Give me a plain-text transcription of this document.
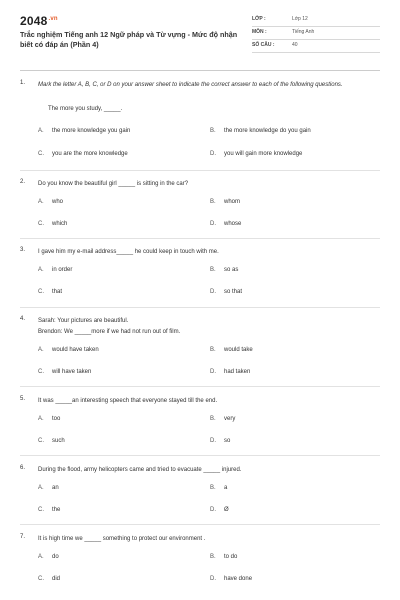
$2048^{.vn}$
Trắc nghiệm Tiếng anh 12 Ngữ pháp và Từ vựng - Mức độ nhận biết có đáp án (Phần 4)
LỚP :	Lớp 12
MÔN :	Tiếng Anh
SỐ CÂU :	40
1.	Mark the letter A, B, C, or D on your answer sheet to indicate the correct answer to each of the following questions.
The more you study, _____.
A. the more knowledge you gain	B. the more knowledge do you gain
C. you are the more knowledge	D. you will gain more knowledge
2.	Do you know the beautiful girl _____ is sitting in the car?
A. who	B. whom
C. which	D. whose
3.	I gave him my e-mail address_____ he could keep in touch with me.
A. in order	B. so as
C. that	D. so that
4.	Sarah: Your pictures are beautiful.
Brendon: We _____more if we had not run out of film.
A. would have taken	B. would take
C. will have taken	D. had taken
5.	It was _____an interesting speech that everyone stayed till the end.
A. too	B. very
C. such	D. so
6.	During the flood, army helicopters came and tried to evacuate _____ injured.
A. an	B. a
C. the	D. Ø
7.	It is high time we _____ something to protect our environment .
A. do	B. to do
C. did	D. have done
